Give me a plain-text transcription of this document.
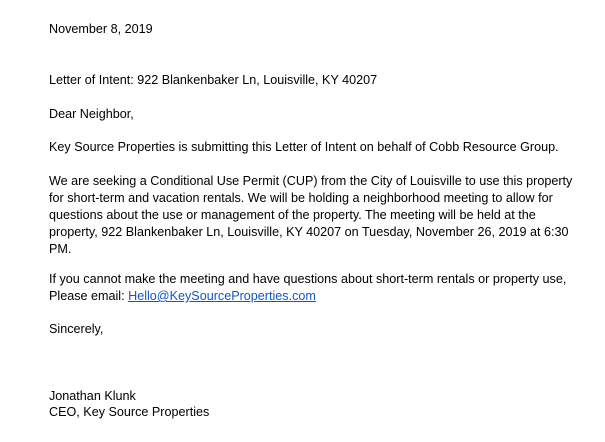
November 8, 2019
Letter of Intent: 922 Blankenbaker Ln, Louisville, KY 40207
Dear Neighbor,
Key Source Properties is submitting this Letter of Intent on behalf of Cobb Resource Group.
We are seeking a Conditional Use Permit (CUP) from the City of Louisville to use this property
for short-term and vacation rentals. We will be holding a neighborhood meeting to allow for
questions about the use or management of the property. The meeting will be held at the
property, 922 Blankenbaker Ln, Louisville, KY 40207 on Tuesday, November 26, 2019 at 6:30
PM.
If you cannot make the meeting and have questions about short-term rentals or property use,
Please email: Hello@KeySourceProperties.com
Sincerely,
Jonathan Klunk
CEO, Key Source Properties
